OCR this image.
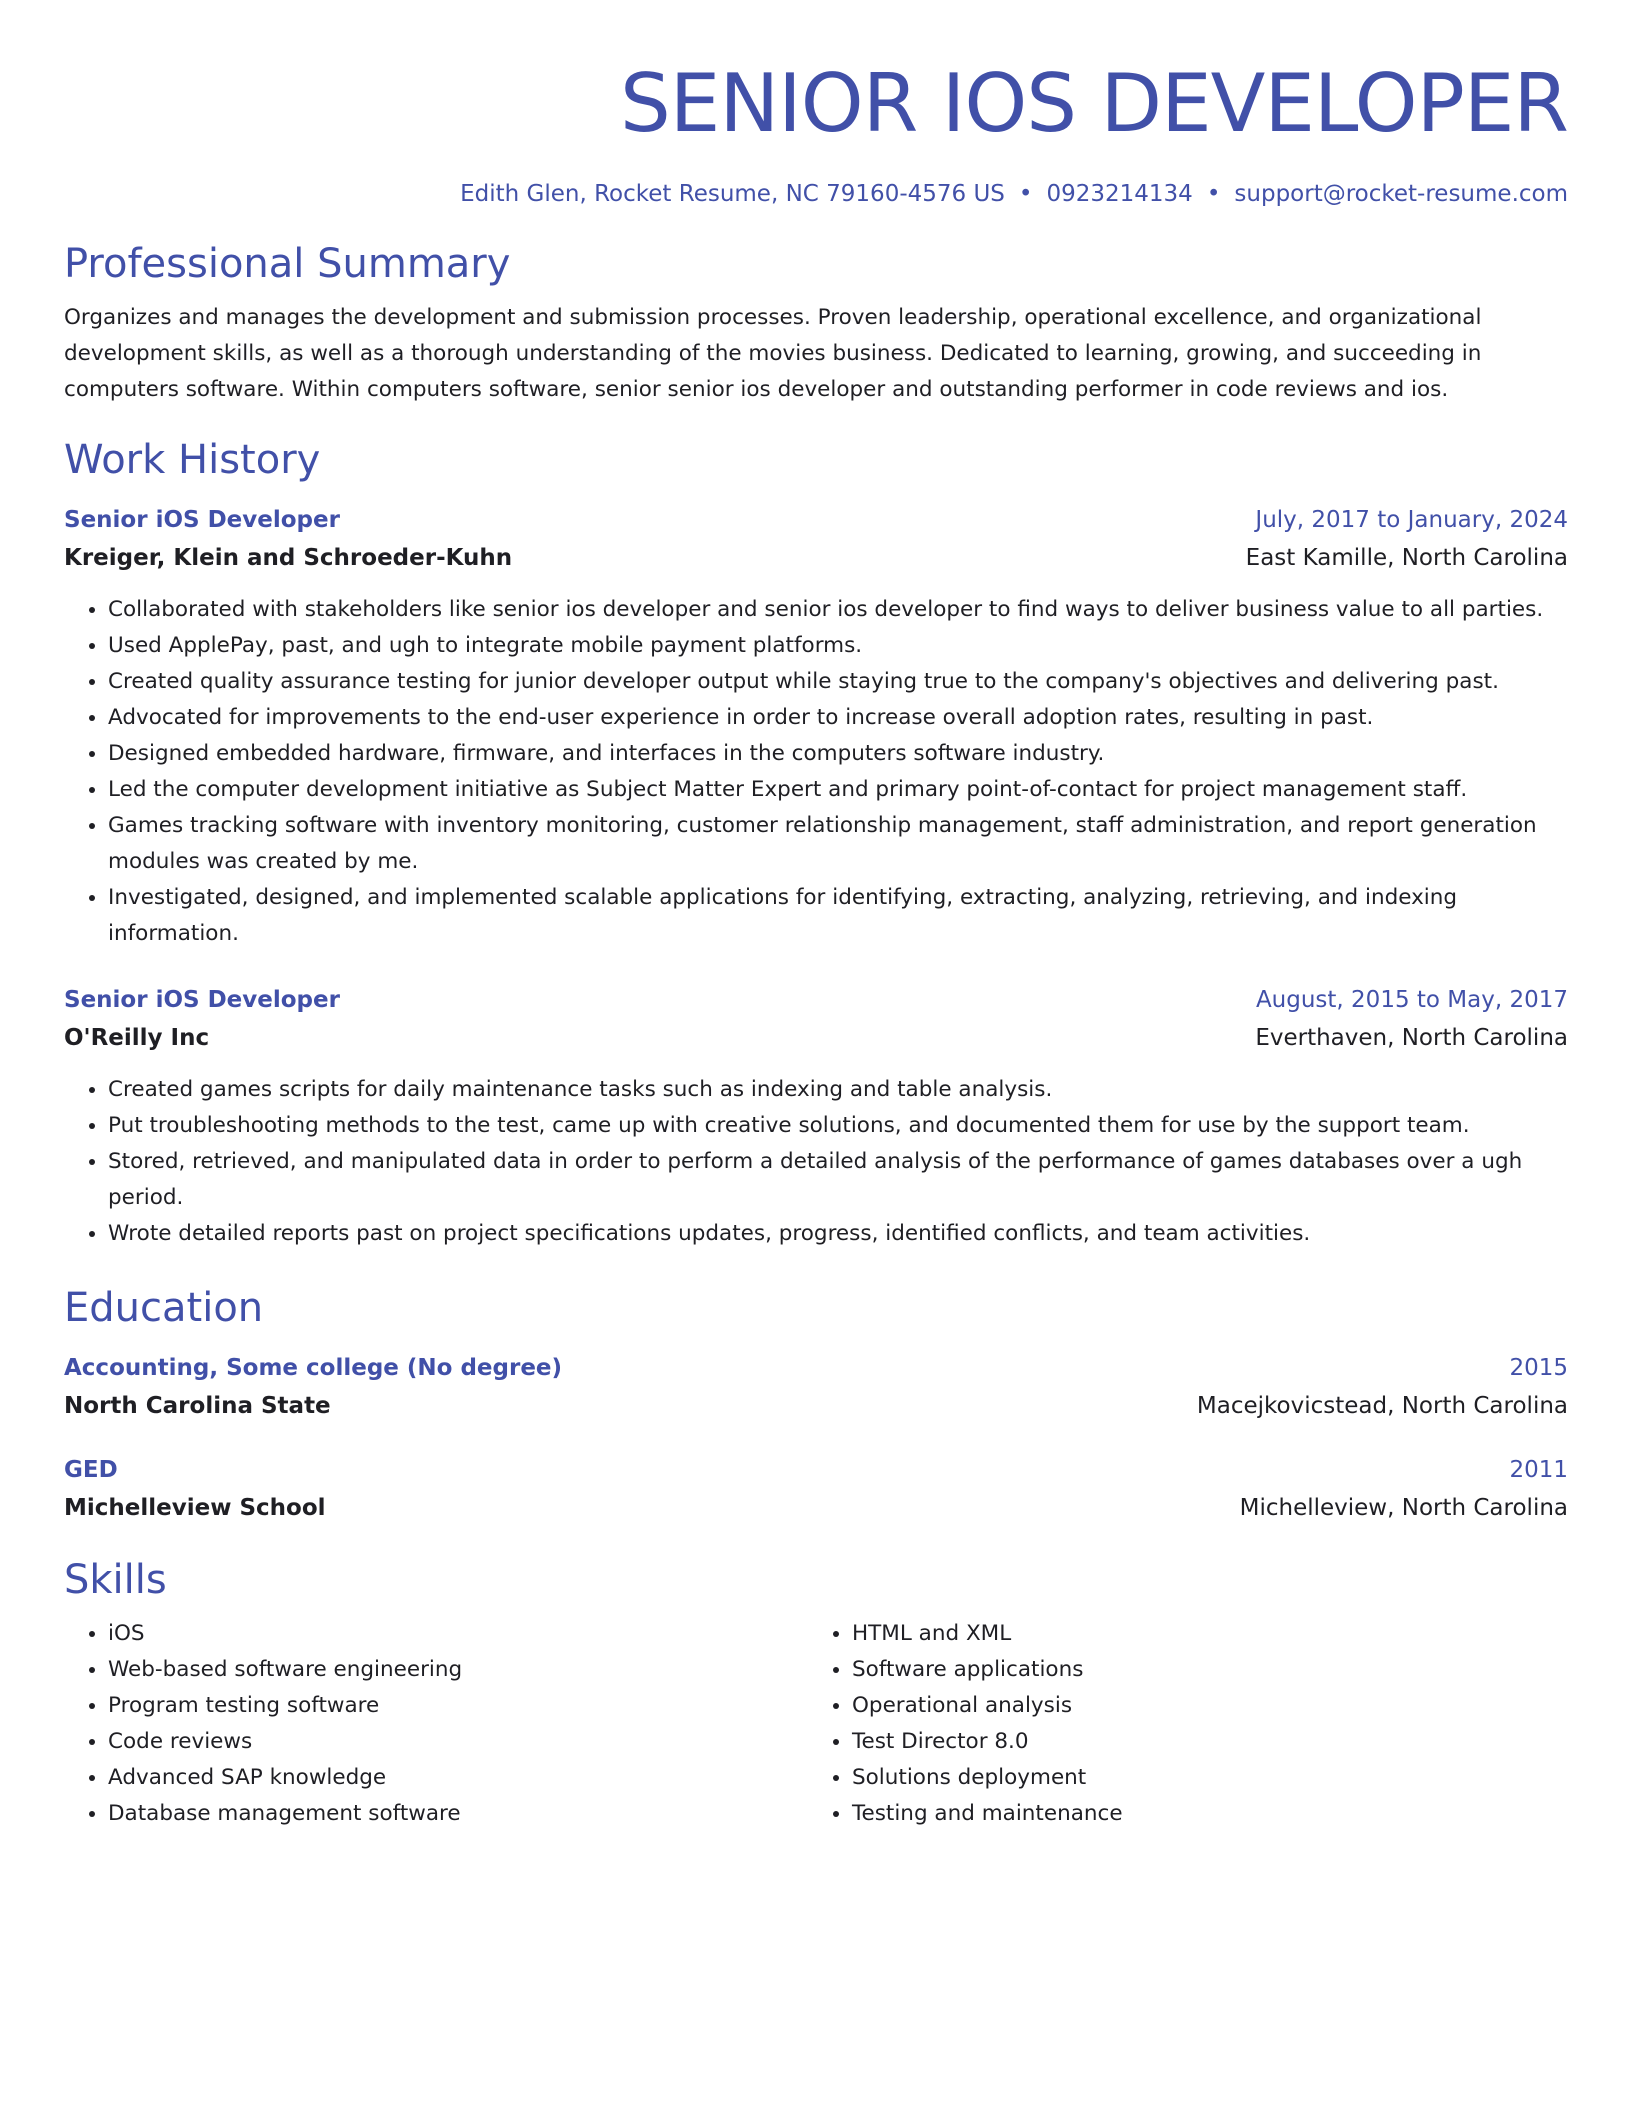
SENIOR IOS DEVELOPER
Edith Glen, Rocket Resume, NC 79160-4576 US • 0923214134 • support@rocket-resume.com
Professional Summary

Organizes and manages the development and submission processes. Proven leadership, operational excellence, and organizational development skills, as well as a thorough understanding of the movies business. Dedicated to learning, growing, and succeeding in computers software. Within computers software, senior senior ios developer and outstanding performer in code reviews and ios.

Work History
Senior iOS Developer	July, 2017 to January, 2024
Kreiger, Klein and Schroeder-Kuhn	East Kamille, North Carolina
• Collaborated with stakeholders like senior ios developer and senior ios developer to find ways to deliver business value to all parties.
• Used ApplePay, past, and ugh to integrate mobile payment platforms.
• Created quality assurance testing for junior developer output while staying true to the company's objectives and delivering past.
• Advocated for improvements to the end-user experience in order to increase overall adoption rates, resulting in past.
• Designed embedded hardware, firmware, and interfaces in the computers software industry.
• Led the computer development initiative as Subject Matter Expert and primary point-of-contact for project management staff.
• Games tracking software with inventory monitoring, customer relationship management, staff administration, and report generation modules was created by me.
• Investigated, designed, and implemented scalable applications for identifying, extracting, analyzing, retrieving, and indexing information.
Senior iOS Developer	August, 2015 to May, 2017
O'Reilly Inc	Everthaven, North Carolina
• Created games scripts for daily maintenance tasks such as indexing and table analysis.
• Put troubleshooting methods to the test, came up with creative solutions, and documented them for use by the support team.
• Stored, retrieved, and manipulated data in order to perform a detailed analysis of the performance of games databases over a ugh period.
• Wrote detailed reports past on project specifications updates, progress, identified conflicts, and team activities.
Education
Accounting, Some college (No degree)	2015
North Carolina State	Macejkovicstead, North Carolina
GED	2011
Michelleview School	Michelleview, North Carolina
Skills
• iOS
• Web-based software engineering
• Program testing software
• Code reviews
• Advanced SAP knowledge
• Database management software
• HTML and XML
• Software applications
• Operational analysis
• Test Director 8.0
• Solutions deployment
• Testing and maintenance
